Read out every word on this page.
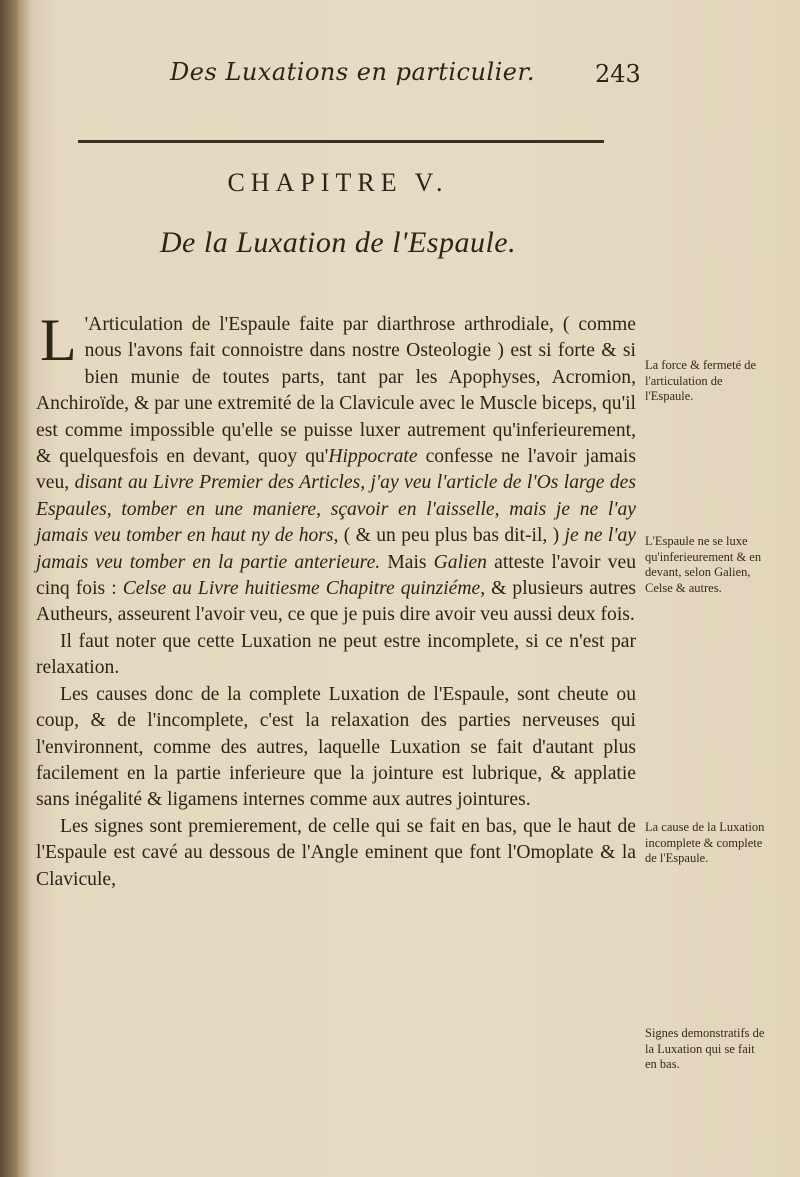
Des Luxations en particulier.	243
CHAPITRE V.
De la Luxation de l'Espaule.

L 'Articulation de l'Espaule faite par diarthrose arthrodiale, ( comme nous l'avons fait connoistre dans nostre Osteologie ) est si forte & si bien munie de toutes parts, tant par les Apophyses, Acromion, Anchiroïde, & par une extremité de la Clavicule avec le Muscle biceps, qu'il est comme impossible qu'elle se puisse luxer autrement qu'inferieurement, & quelquesfois en devant, quoy qu'Hippocrate confesse ne l'avoir jamais veu, disant au Livre Premier des Articles, j'ay veu l'article de l'Os large des Espaules, tomber en une maniere, sçavoir en l'aisselle, mais je ne l'ay jamais veu tomber en haut ny de hors, ( & un peu plus bas dit-il, ) je ne l'ay jamais veu tomber en la partie anterieure. Mais Galien atteste l'avoir veu cinq fois : Celse au Livre huitiesme Chapitre quinziéme, & plusieurs autres Autheurs, asseurent l'avoir veu, ce que je puis dire avoir veu aussi deux fois.

Il faut noter que cette Luxation ne peut estre incomplete, si ce n'est par relaxation.

Les causes donc de la complete Luxation de l'Espaule, sont cheute ou coup, & de l'incomplete, c'est la relaxation des parties nerveuses qui l'environnent, comme des autres, laquelle Luxation se fait d'autant plus facilement en la partie inferieure que la jointure est lubrique, & applatie sans inégalité & ligamens internes comme aux autres jointures.

Les signes sont premierement, de celle qui se fait en bas, que le haut de l'Espaule est cavé au dessous de l'Angle eminent que font l'Omoplate & la Clavicule,

La force & fermeté de l'articulation de l'Espaule.
L'Espaule ne se luxe qu'inferieurement & en devant, selon Galien, Celse & autres.
La cause de la Luxation incomplete & complete de l'Espaule.
Signes demonstratifs de la Luxation qui se fait en bas.
